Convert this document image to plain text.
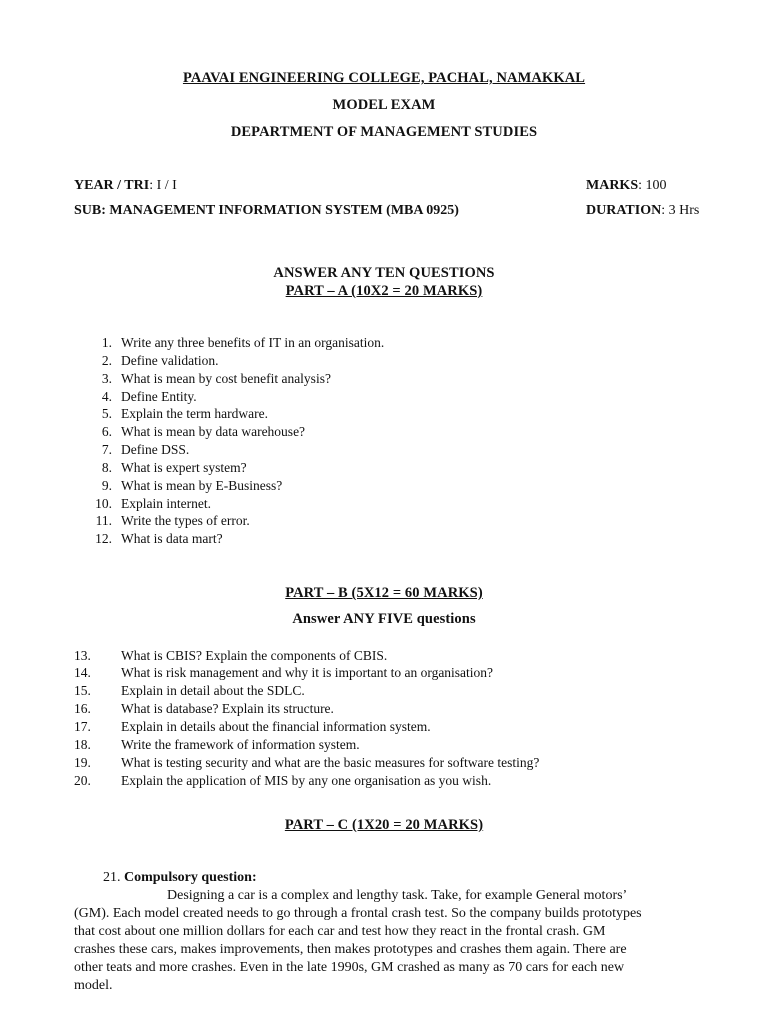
PAAVAI ENGINEERING COLLEGE, PACHAL, NAMAKKAL
MODEL EXAM
DEPARTMENT OF MANAGEMENT STUDIES
YEAR / TRI: I / I	MARKS: 100
SUB: MANAGEMENT INFORMATION SYSTEM (MBA 0925)	DURATION: 3 Hrs
ANSWER ANY TEN QUESTIONS
PART – A (10X2 = 20 MARKS)
1. Write any three benefits of IT in an organisation.
2. Define validation.
3. What is mean by cost benefit analysis?
4. Define Entity.
5. Explain the term hardware.
6. What is mean by data warehouse?
7. Define DSS.
8. What is expert system?
9. What is mean by E-Business?
10. Explain internet.
11. Write the types of error.
12. What is data mart?
PART – B (5X12 = 60 MARKS)
Answer ANY FIVE questions
13. What is CBIS? Explain the components of CBIS.
14. What is risk management and why it is important to an organisation?
15. Explain in detail about the SDLC.
16. What is database? Explain its structure.
17. Explain in details about the financial information system.
18. Write the framework of information system.
19. What is testing security and what are the basic measures for software testing?
20. Explain the application of MIS by any one organisation as you wish.
PART – C (1X20 = 20 MARKS)
21. Compulsory question:

Designing a car is a complex and lengthy task. Take, for example General motors’

(GM). Each model created needs to go through a frontal crash test. So the company builds prototypes

that cost about one million dollars for each car and test how they react in the frontal crash. GM

crashes these cars, makes improvements, then makes prototypes and crashes them again. There are

other teats and more crashes. Even in the late 1990s, GM crashed as many as 70 cars for each new

model.
